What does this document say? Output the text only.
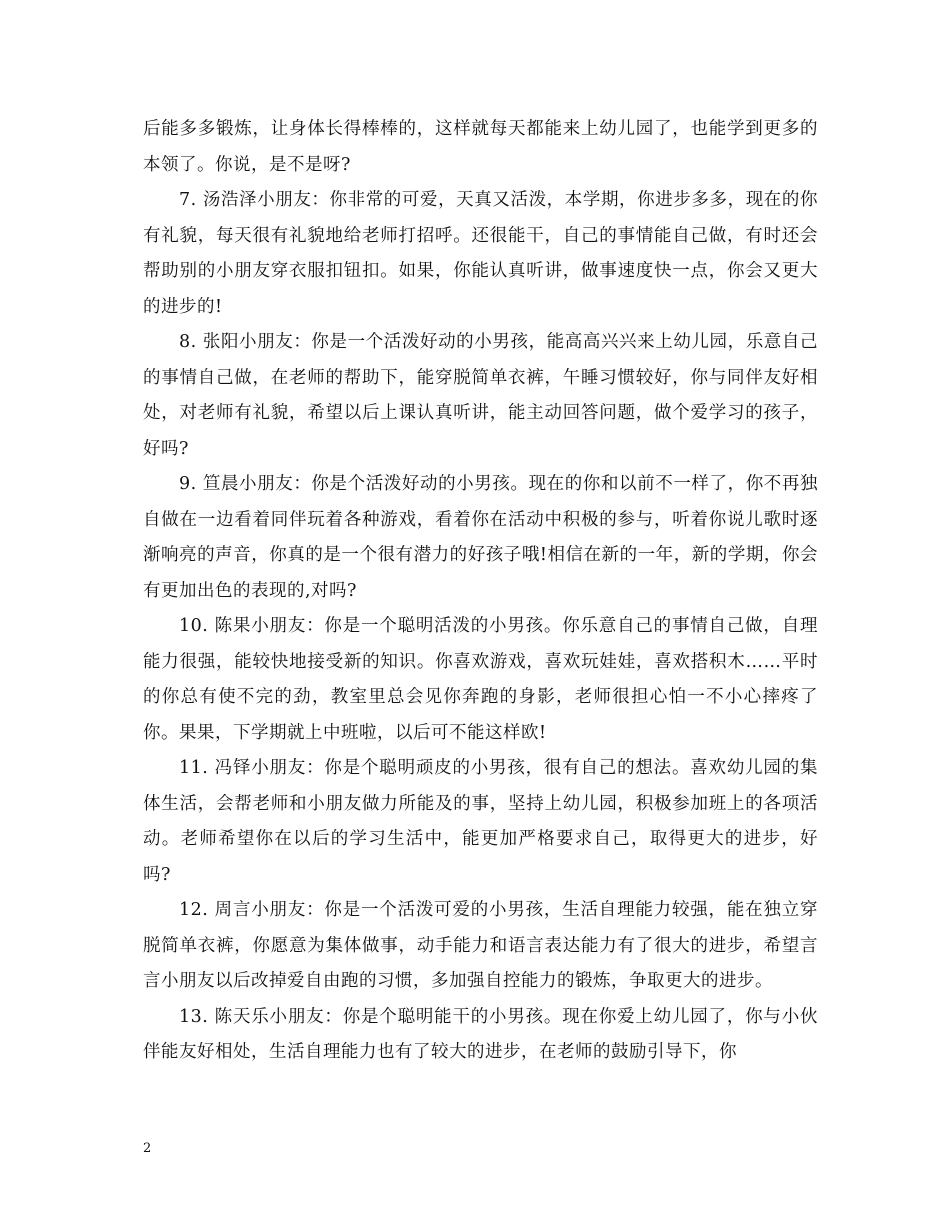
后能多多锻炼，让身体长得棒棒的，这样就每天都能来上幼儿园了，也能学到更多的本领了。你说，是不是呀?

7. 汤浩泽小朋友：你非常的可爱，天真又活泼，本学期，你进步多多，现在的你有礼貌，每天很有礼貌地给老师打招呼。还很能干，自己的事情能自己做，有时还会帮助别的小朋友穿衣服扣钮扣。如果，你能认真听讲，做事速度快一点，你会又更大的进步的!

8. 张阳小朋友：你是一个活泼好动的小男孩，能高高兴兴来上幼儿园，乐意自己的事情自己做，在老师的帮助下，能穿脱简单衣裤，午睡习惯较好，你与同伴友好相处，对老师有礼貌，希望以后上课认真听讲，能主动回答问题，做个爱学习的孩子，好吗?

9. 笪晨小朋友：你是个活泼好动的小男孩。现在的你和以前不一样了，你不再独自做在一边看着同伴玩着各种游戏，看着你在活动中积极的参与，听着你说儿歌时逐渐响亮的声音，你真的是一个很有潜力的好孩子哦!相信在新的一年，新的学期，你会有更加出色的表现的,对吗?

10. 陈果小朋友：你是一个聪明活泼的小男孩。你乐意自己的事情自己做，自理能力很强，能较快地接受新的知识。你喜欢游戏，喜欢玩娃娃，喜欢搭积木……平时的你总有使不完的劲，教室里总会见你奔跑的身影，老师很担心怕一不小心摔疼了你。果果，下学期就上中班啦，以后可不能这样欧!

11. 冯铎小朋友：你是个聪明顽皮的小男孩，很有自己的想法。喜欢幼儿园的集体生活，会帮老师和小朋友做力所能及的事，坚持上幼儿园，积极参加班上的各项活动。老师希望你在以后的学习生活中，能更加严格要求自己，取得更大的进步，好吗?

12. 周言小朋友：你是一个活泼可爱的小男孩，生活自理能力较强，能在独立穿脱简单衣裤，你愿意为集体做事，动手能力和语言表达能力有了很大的进步，希望言言小朋友以后改掉爱自由跑的习惯，多加强自控能力的锻炼，争取更大的进步。

13. 陈天乐小朋友：你是个聪明能干的小男孩。现在你爱上幼儿园了，你与小伙伴能友好相处，生活自理能力也有了较大的进步，在老师的鼓励引导下，你

2
